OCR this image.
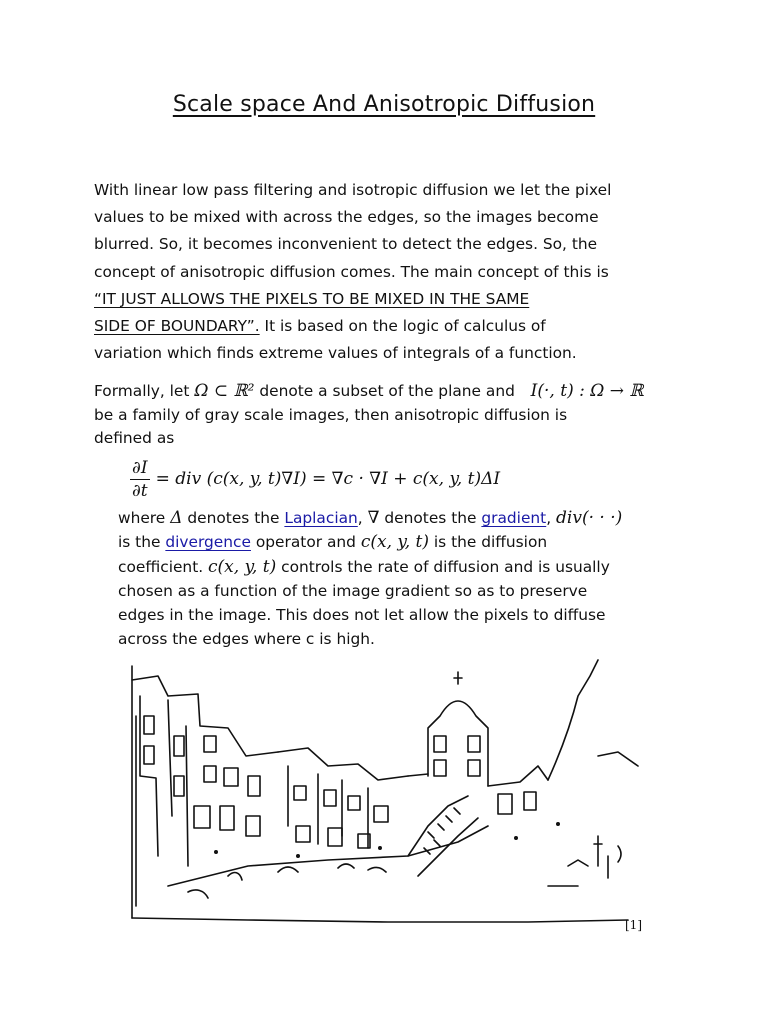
Scale space And Anisotropic Diffusion
With linear low pass filtering and isotropic diffusion we let the pixel
values to be mixed with across the edges, so the images become
blurred. So, it becomes inconvenient to detect the edges. So, the
concept of anisotropic diffusion comes. The main concept of this is
“IT JUST ALLOWS THE PIXELS TO BE MIXED IN THE SAME
SIDE OF BOUNDARY”. It is based on the logic of calculus of
variation which finds extreme values of integrals of a function.
Formally, let Ω ⊂ ℝ² denote a subset of the plane and I(·, t) : Ω → ℝ
be a family of gray scale images, then anisotropic diffusion is
defined as
$\frac{\partial I}{\partial t}$ = div (c(x, y, t)∇I) = ∇c · ∇I + c(x, y, t)ΔI
where Δ denotes the Laplacian, ∇ denotes the gradient, div(· · ·)
is the divergence operator and c(x, y, t) is the diffusion
coefficient. c(x, y, t) controls the rate of diffusion and is usually
chosen as a function of the image gradient so as to preserve
edges in the image. This does not let allow the pixels to diffuse
across the edges where c is high.
[1]
